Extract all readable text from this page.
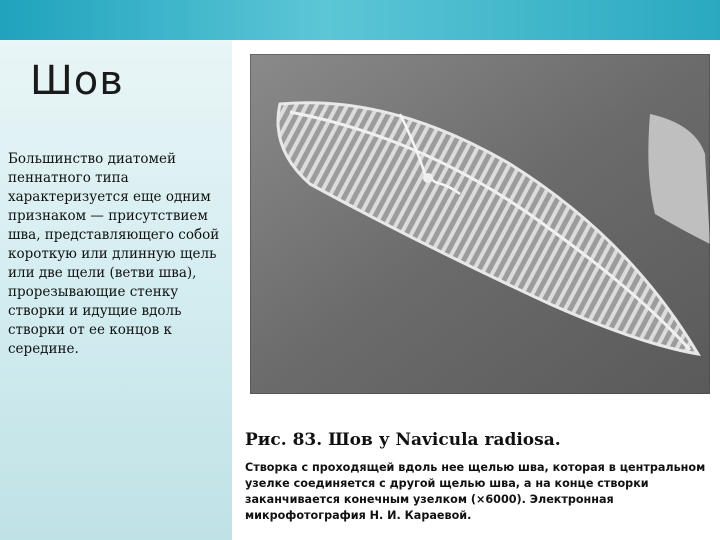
Шов
Большинство диатомей пеннатного типа характеризуется еще одним признаком — присутствием шва, представляющего собой короткую или длинную щель или две щели (ветви шва), прорезывающие стенку створки и идущие вдоль створки от ее концов к середине.
Рис. 83. Шов у Navicula radiosa.
Створка с проходящей вдоль нее щелью шва, которая в центральном узелке соединяется с другой щелью шва, а на конце створки заканчивается конечным узелком (×6000). Электронная микрофотография Н. И. Караевой.
